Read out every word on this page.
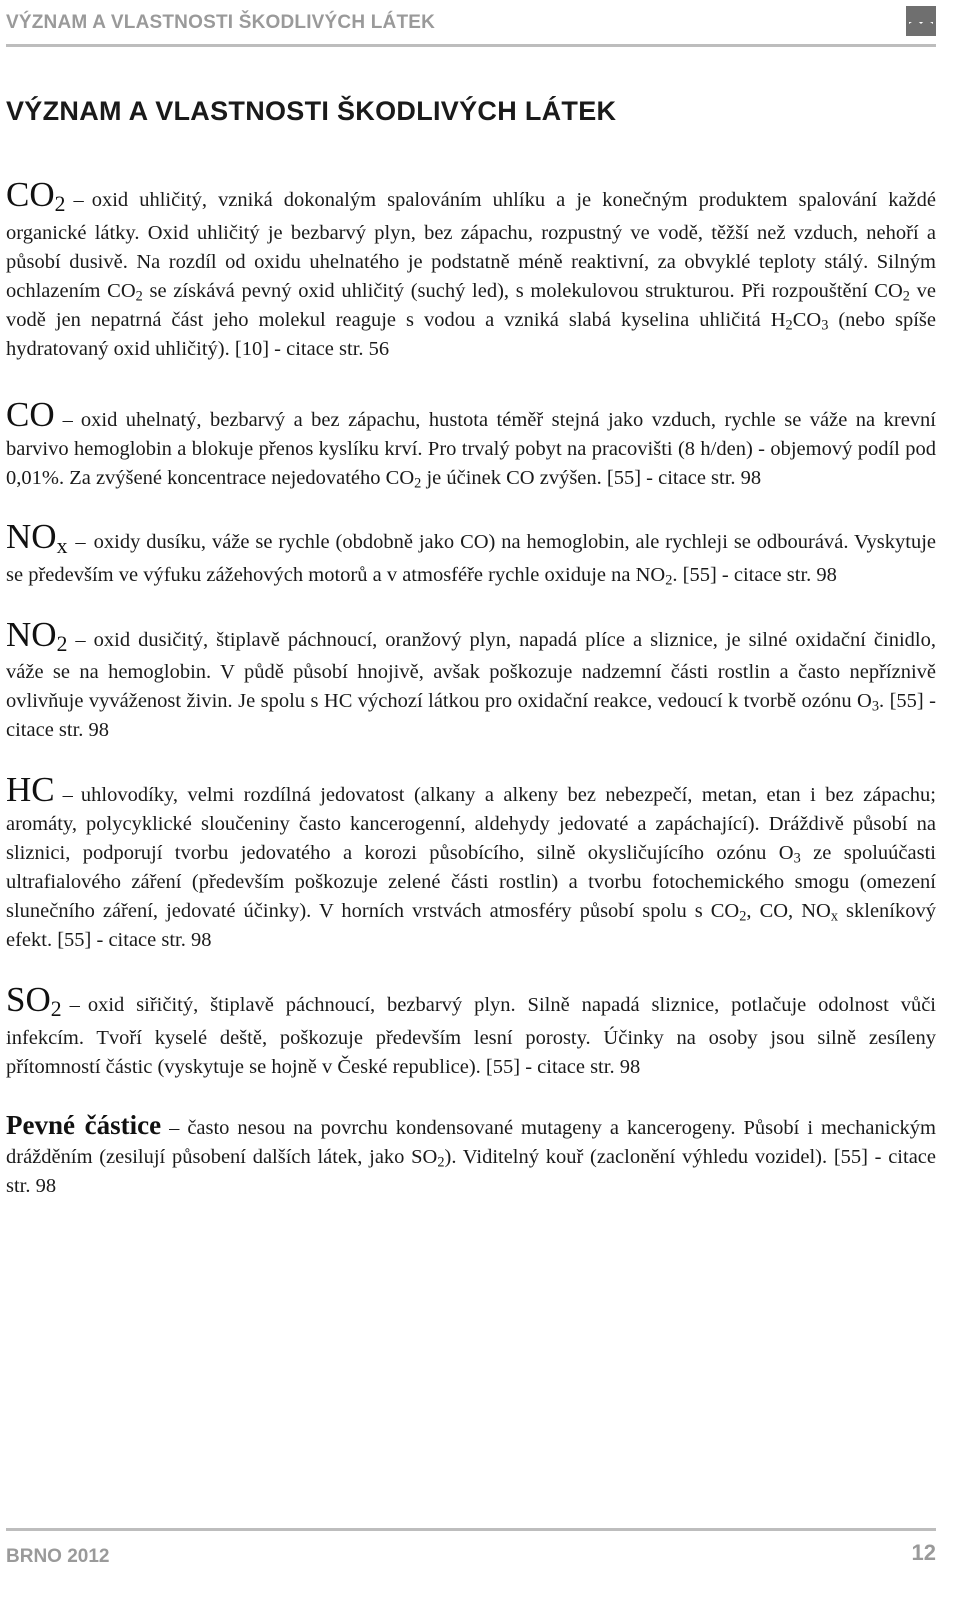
VÝZNAM A VLASTNOSTI ŠKODLIVÝCH LÁTEK
VÝZNAM A VLASTNOSTI ŠKODLIVÝCH LÁTEK

CO2 – oxid uhličitý, vzniká dokonalým spalováním uhlíku a je konečným produktem spalování každé organické látky. Oxid uhličitý je bezbarvý plyn, bez zápachu, rozpustný ve vodě, těžší než vzduch, nehoří a působí dusivě. Na rozdíl od oxidu uhelnatého je podstatně méně reaktivní, za obvyklé teploty stálý. Silným ochlazením $CO_2$ se získává pevný oxid uhličitý (suchý led), s molekulovou strukturou. Při rozpouštění $CO_2$ ve vodě jen nepatrná část jeho molekul reaguje s vodou a vzniká slabá kyselina uhličitá $H_2CO_3$ (nebo spíše hydratovaný oxid uhličitý). [10] - citace str. 56

CO – oxid uhelnatý, bezbarvý a bez zápachu, hustota téměř stejná jako vzduch, rychle se váže na krevní barvivo hemoglobin a blokuje přenos kyslíku krví. Pro trvalý pobyt na pracovišti (8 h/den) - objemový podíl pod 0,01%. Za zvýšené koncentrace nejedovatého $CO_2$ je účinek CO zvýšen. [55] - citace str. 98

NOx – oxidy dusíku, váže se rychle (obdobně jako CO) na hemoglobin, ale rychleji se odbourává. Vyskytuje se především ve výfuku zážehových motorů a v atmosféře rychle oxiduje na $NO_2$. [55] - citace str. 98

NO2 – oxid dusičitý, štiplavě páchnoucí, oranžový plyn, napadá plíce a sliznice, je silné oxidační činidlo, váže se na hemoglobin. V půdě působí hnojivě, avšak poškozuje nadzemní části rostlin a často nepříznivě ovlivňuje vyváženost živin. Je spolu s HC výchozí látkou pro oxidační reakce, vedoucí k tvorbě ozónu $O_3$. [55] - citace str. 98

HC – uhlovodíky, velmi rozdílná jedovatost (alkany a alkeny bez nebezpečí, metan, etan i bez zápachu; aromáty, polycyklické sloučeniny často kancerogenní, aldehydy jedovaté a zapáchající). Dráždivě působí na sliznici, podporují tvorbu jedovatého a korozi působícího, silně okysličujícího ozónu $O_3$ ze spoluúčasti ultrafialového záření (především poškozuje zelené části rostlin) a tvorbu fotochemického smogu (omezení slunečního záření, jedovaté účinky). V horních vrstvách atmosféry působí spolu s $CO_2$, CO, $NO_x$ skleníkový efekt. [55] - citace str. 98

SO2 – oxid siřičitý, štiplavě páchnoucí, bezbarvý plyn. Silně napadá sliznice, potlačuje odolnost vůči infekcím. Tvoří kyselé deště, poškozuje především lesní porosty. Účinky na osoby jsou silně zesíleny přítomností částic (vyskytuje se hojně v České republice). [55] - citace str. 98

Pevné částice – často nesou na povrchu kondensované mutageny a kancerogeny. Působí i mechanickým drážděním (zesilují působení dalších látek, jako $SO_2$). Viditelný kouř (zaclonění výhledu vozidel). [55] - citace str. 98

BRNO 2012	12
